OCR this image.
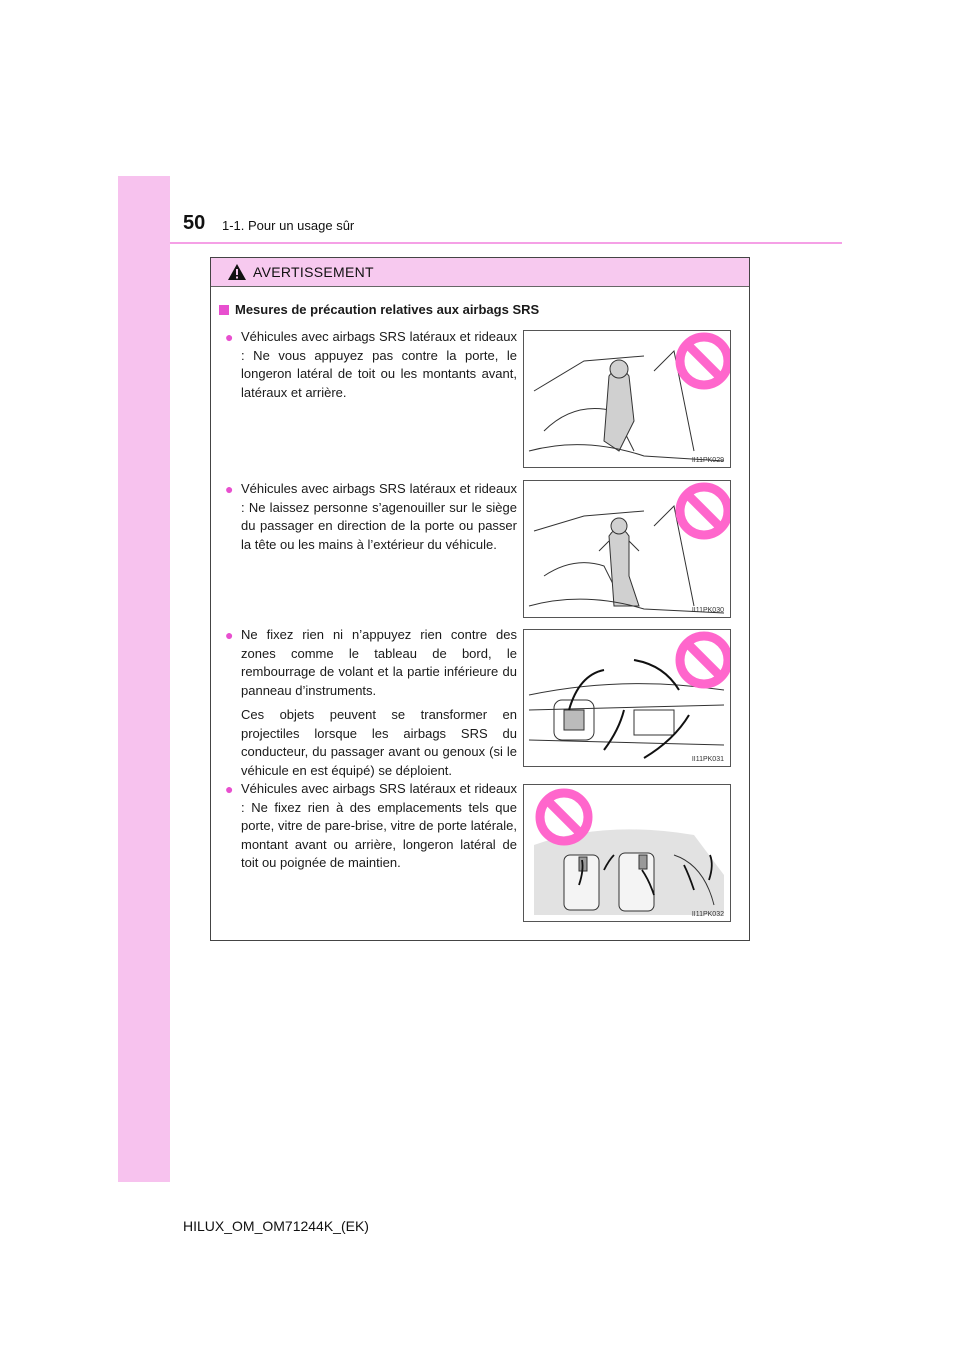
50 1-1. Pour un usage sûr
AVERTISSEMENT
Mesures de précaution relatives aux airbags SRS
● Véhicules avec airbags SRS latéraux et rideaux : Ne vous appuyez pas contre la porte, le longeron latéral de toit ou les montants avant, latéraux et arrière.
II11PK029
● Véhicules avec airbags SRS latéraux et rideaux : Ne laissez personne s’agenouiller sur le siège du passager en direction de la porte ou passer la tête ou les mains à l’extérieur du véhicule.
II11PK030
● Ne fixez rien ni n’appuyez rien contre des zones comme le tableau de bord, le rembourrage de volant et la partie inférieure du panneau d’instruments.
Ces objets peuvent se transformer en projectiles lorsque les airbags SRS du conducteur, du passager avant ou genoux (si le véhicule en est équipé) se déploient.
II11PK031
● Véhicules avec airbags SRS latéraux et rideaux : Ne fixez rien à des emplacements tels que porte, vitre de pare-brise, vitre de porte latérale, montant avant ou arrière, longeron latéral de toit ou poignée de maintien.
II11PK032
HILUX_OM_OM71244K_(EK)
